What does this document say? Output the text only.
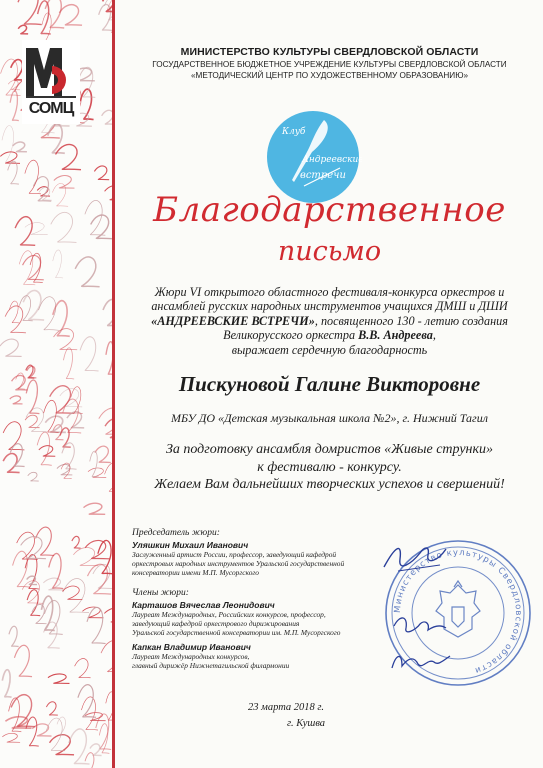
СОМЦ
МИНИСТЕРСТВО КУЛЬТУРЫ СВЕРДЛОВСКОЙ ОБЛАСТИ
ГОСУДАРСТВЕННОЕ БЮДЖЕТНОЕ УЧРЕЖДЕНИЕ КУЛЬТУРЫ СВЕРДЛОВСКОЙ ОБЛАСТИ
«МЕТОДИЧЕСКИЙ ЦЕНТР ПО ХУДОЖЕСТВЕННОМУ ОБРАЗОВАНИЮ»
Клуб
Андреевские
встречи
Благодарственное
письмо
Жюри VI открытого областного фестиваля-конкурса оркестров и
ансамблей русских народных инструментов учащихся ДМШ и ДШИ
«АНДРЕЕВСКИЕ ВСТРЕЧИ», посвященного 130 - летию создания
Великорусского оркестра В.В. Андреева,
выражает сердечную благодарность
Пискуновой Галине Викторовне
МБУ ДО «Детская музыкальная школа №2», г. Нижний Тагил
За подготовку ансамбля домристов «Живые струнки»
к фестивалю - конкурсу.
Желаем Вам дальнейших творческих успехов и свершений!
Председатель жюри:
Уляшкин Михаил Иванович
Заслуженный артист России, профессор, заведующий кафедрой
оркестровых народных инструментов Уральской государственной
консерватории имени М.П. Мусоргского
Члены жюри:
Карташов Вячеслав Леонидович
Лауреат Международных, Российских конкурсов, профессор,
заведующий кафедрой оркестрового дирижирования
Уральской государственной консерватории им. М.П. Мусоргского
Капкан Владимир Иванович
Лауреат Международных конкурсов,
главный дирижёр Нижнетагильской филармонии
Министерство культуры Свердловской области
23 марта 2018 г.
г. Кушва
